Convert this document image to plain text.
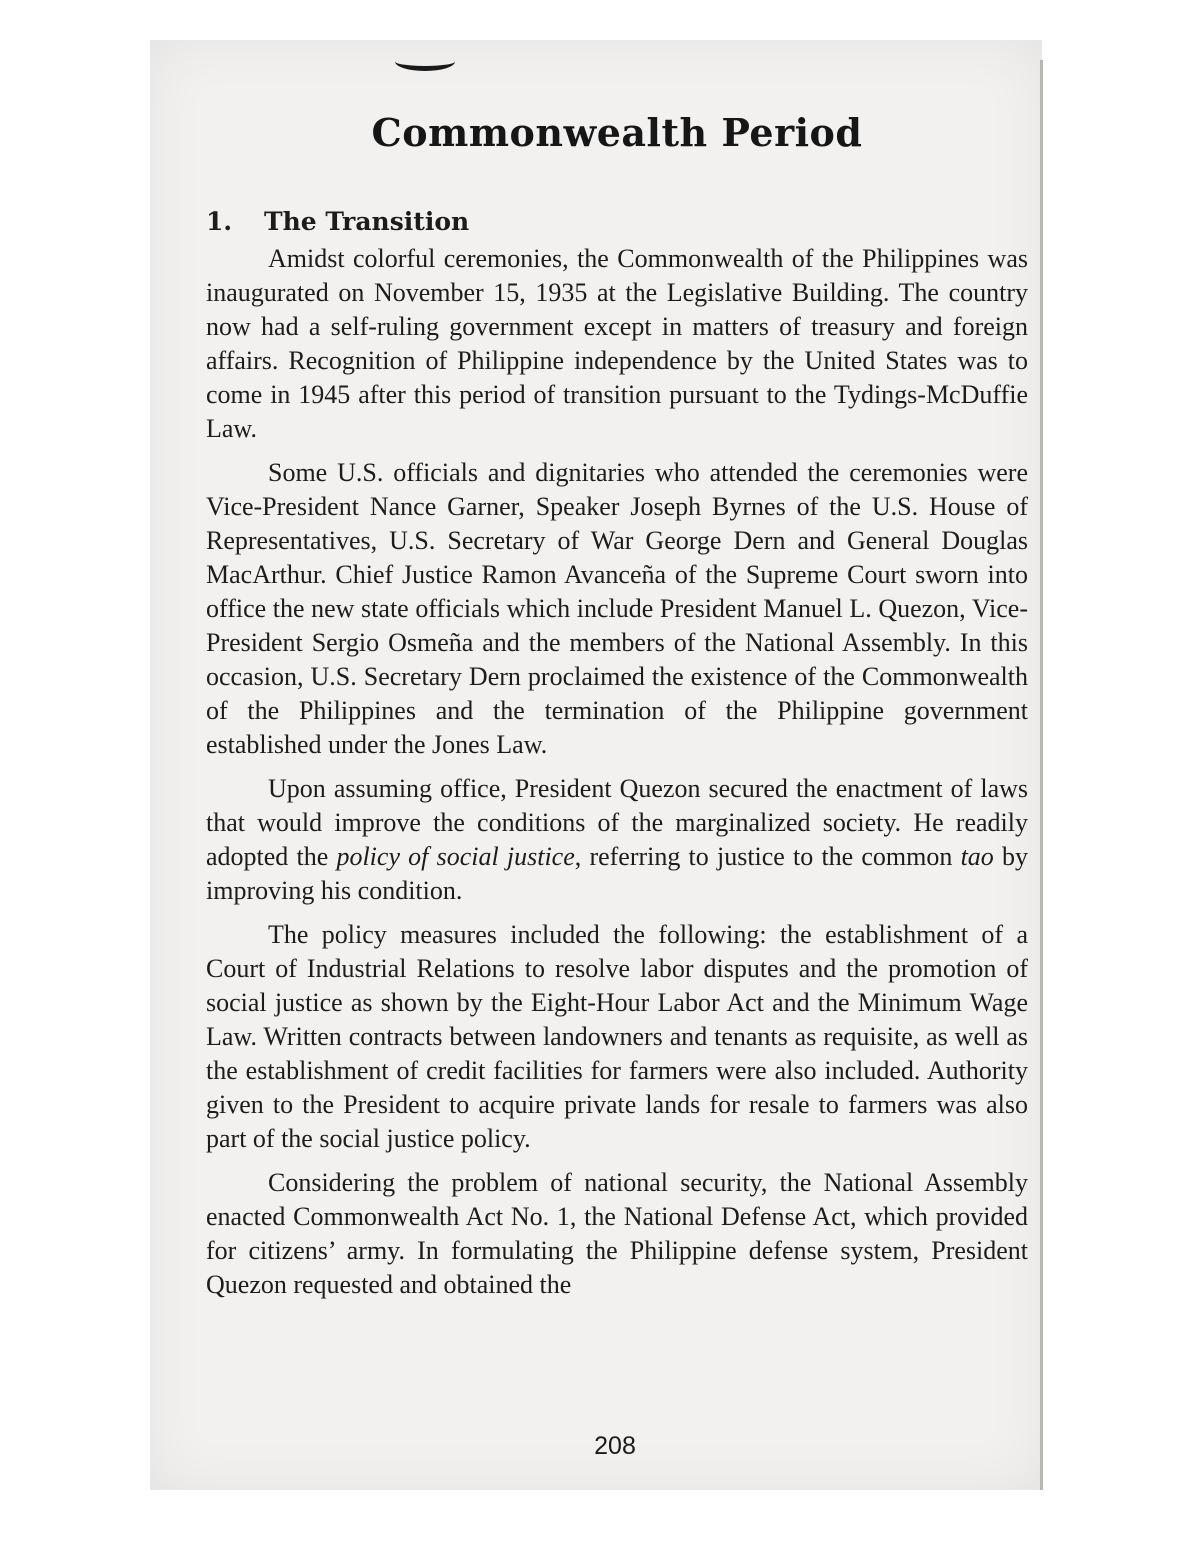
Commonwealth Period
1. The Transition

Amidst colorful ceremonies, the Commonwealth of the Philippines was inaugurated on November 15, 1935 at the Legislative Building. The country now had a self-ruling government except in matters of treasury and foreign affairs. Recognition of Philippine independence by the United States was to come in 1945 after this period of transition pursuant to the Tydings-McDuffie Law.

Some U.S. officials and dignitaries who attended the ceremonies were Vice-President Nance Garner, Speaker Joseph Byrnes of the U.S. House of Representatives, U.S. Secretary of War George Dern and General Douglas MacArthur. Chief Justice Ramon Avanceña of the Supreme Court sworn into office the new state officials which include President Manuel L. Quezon, Vice-President Sergio Osmeña and the members of the National Assembly. In this occasion, U.S. Secretary Dern proclaimed the existence of the Commonwealth of the Philippines and the termination of the Philippine government established under the Jones Law.

Upon assuming office, President Quezon secured the enactment of laws that would improve the conditions of the marginalized society. He readily adopted the policy of social justice, referring to justice to the common tao by improving his condition.

The policy measures included the following: the establishment of a Court of Industrial Relations to resolve labor disputes and the promotion of social justice as shown by the Eight-Hour Labor Act and the Minimum Wage Law. Written contracts between landowners and tenants as requisite, as well as the establishment of credit facilities for farmers were also included. Authority given to the President to acquire private lands for resale to farmers was also part of the social justice policy.

Considering the problem of national security, the National Assembly enacted Commonwealth Act No. 1, the National Defense Act, which provided for citizens’ army. In formulating the Philippine defense system, President Quezon requested and obtained the

208
